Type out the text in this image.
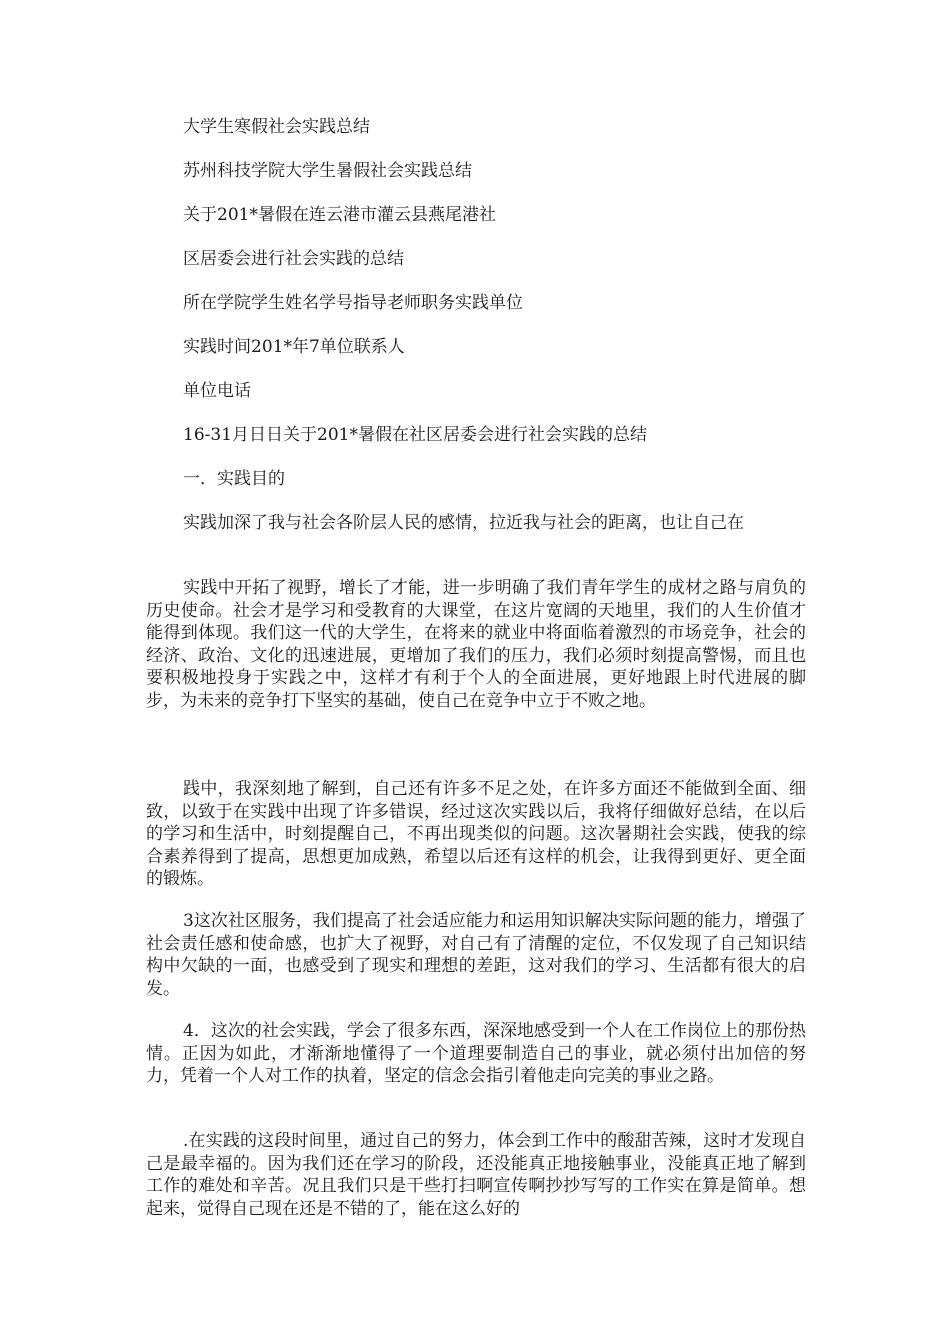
大学生寒假社会实践总结
苏州科技学院大学生暑假社会实践总结
关于201*暑假在连云港市灌云县燕尾港社
区居委会进行社会实践的总结
所在学院学生姓名学号指导老师职务实践单位
实践时间201*年7单位联系人
单位电话
16-31月日日关于201*暑假在社区居委会进行社会实践的总结
一．实践目的
实践加深了我与社会各阶层人民的感情，拉近我与社会的距离，也让自己在
实践中开拓了视野，增长了才能，进一步明确了我们青年学生的成材之路与肩负的历史使命。社会才是学习和受教育的大课堂，在这片宽阔的天地里，我们的人生价值才能得到体现。我们这一代的大学生，在将来的就业中将面临着激烈的市场竞争，社会的经济、政治、文化的迅速进展，更增加了我们的压力，我们必须时刻提高警惕，而且也要积极地投身于实践之中，这样才有利于个人的全面进展，更好地跟上时代进展的脚步，为未来的竞争打下坚实的基础，使自己在竞争中立于不败之地。
践中，我深刻地了解到，自己还有许多不足之处，在许多方面还不能做到全面、细致，以致于在实践中出现了许多错误，经过这次实践以后，我将仔细做好总结，在以后的学习和生活中，时刻提醒自己，不再出现类似的问题。这次暑期社会实践，使我的综合素养得到了提高，思想更加成熟，希望以后还有这样的机会，让我得到更好、更全面的锻炼。
3这次社区服务，我们提高了社会适应能力和运用知识解决实际问题的能力，增强了社会责任感和使命感，也扩大了视野，对自己有了清醒的定位，不仅发现了自己知识结构中欠缺的一面，也感受到了现实和理想的差距，这对我们的学习、生活都有很大的启发。
4．这次的社会实践，学会了很多东西，深深地感受到一个人在工作岗位上的那份热情。正因为如此，才渐渐地懂得了一个道理要制造自己的事业，就必须付出加倍的努力，凭着一个人对工作的执着，坚定的信念会指引着他走向完美的事业之路。
.在实践的这段时间里，通过自己的努力，体会到工作中的酸甜苦辣，这时才发现自己是最幸福的。因为我们还在学习的阶段，还没能真正地接触事业，没能真正地了解到工作的难处和辛苦。况且我们只是干些打扫啊宣传啊抄抄写写的工作实在算是简单。想起来，觉得自己现在还是不错的了，能在这么好的
